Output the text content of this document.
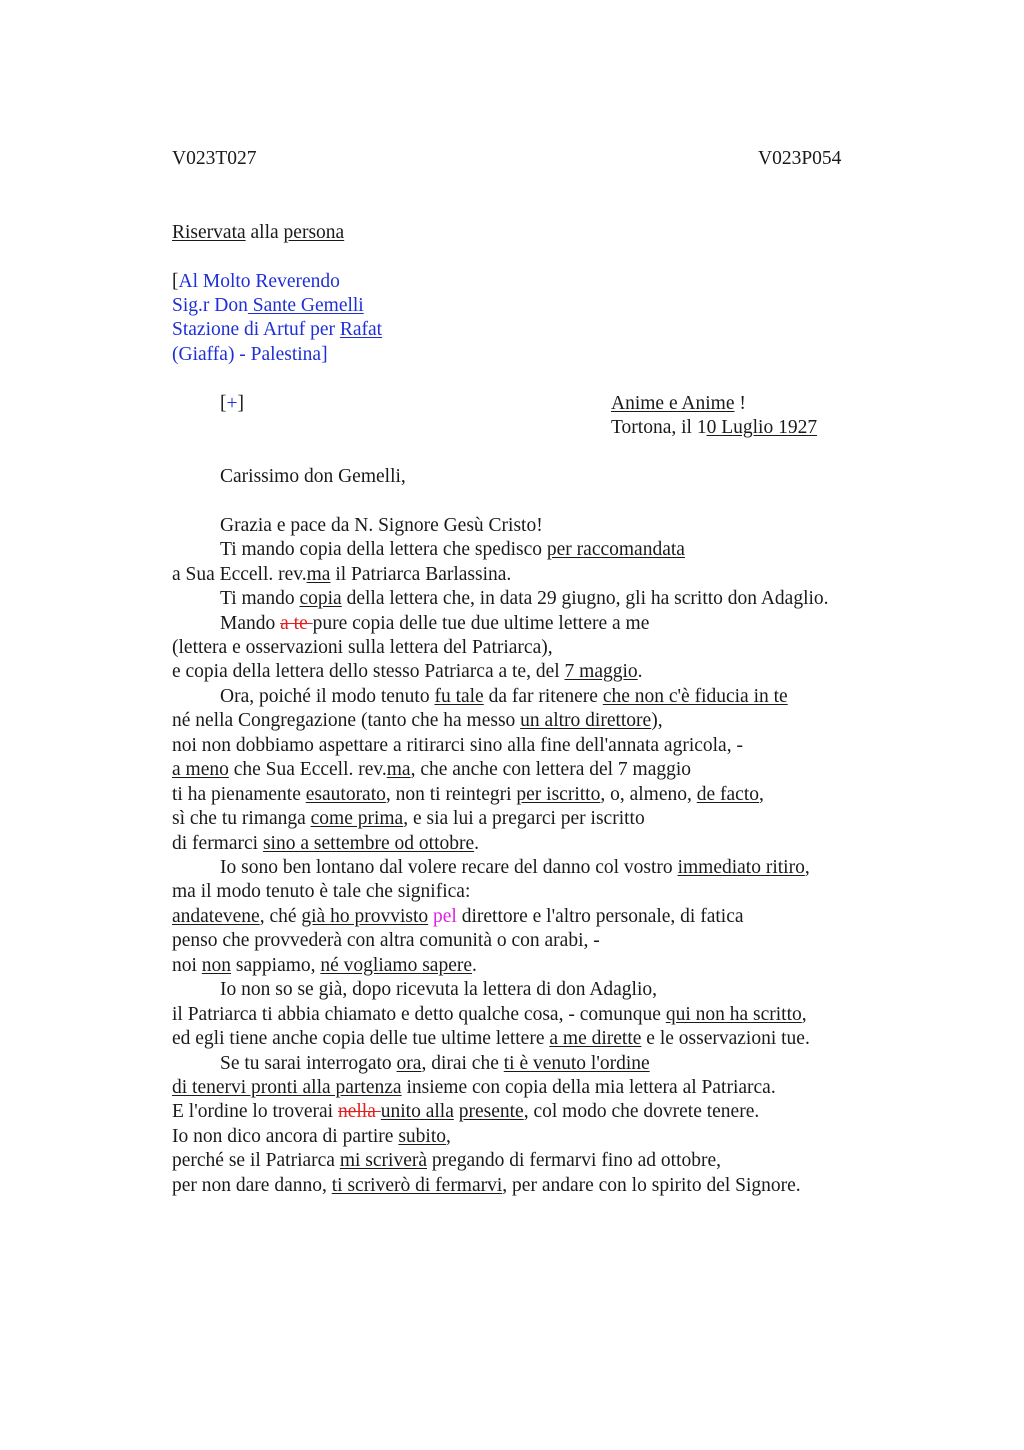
V023T027	V023P054
Riservata alla persona
[Al Molto Reverendo
Sig.r Don Sante Gemelli
Stazione di Artuf per Rafat
(Giaffa) - Palestina]
[+]	Anime e Anime !
Tortona, il 10 Luglio 1927
Carissimo don Gemelli,
Grazia e pace da N. Signore Gesù Cristo!
Ti mando copia della lettera che spedisco per raccomandata
a Sua Eccell. rev.ma il Patriarca Barlassina.
Ti mando copia della lettera che, in data 29 giugno, gli ha scritto don Adaglio.
Mando a te pure copia delle tue due ultime lettere a me
(lettera e osservazioni sulla lettera del Patriarca),
e copia della lettera dello stesso Patriarca a te, del 7 maggio.
Ora, poiché il modo tenuto fu tale da far ritenere che non c'è fiducia in te
né nella Congregazione (tanto che ha messo un altro direttore),
noi non dobbiamo aspettare a ritirarci sino alla fine dell'annata agricola, -
a meno che Sua Eccell. rev.ma, che anche con lettera del 7 maggio
ti ha pienamente esautorato, non ti reintegri per iscritto, o, almeno, de facto,
sì che tu rimanga come prima, e sia lui a pregarci per iscritto
di fermarci sino a settembre od ottobre.
Io sono ben lontano dal volere recare del danno col vostro immediato ritiro,
ma il modo tenuto è tale che significa:
andatevene, ché già ho provvisto pel direttore e l'altro personale, di fatica
penso che provvederà con altra comunità o con arabi, -
noi non sappiamo, né vogliamo sapere.
Io non so se già, dopo ricevuta la lettera di don Adaglio,
il Patriarca ti abbia chiamato e detto qualche cosa, - comunque qui non ha scritto,
ed egli tiene anche copia delle tue ultime lettere a me dirette e le osservazioni tue.
Se tu sarai interrogato ora, dirai che ti è venuto l'ordine
di tenervi pronti alla partenza insieme con copia della mia lettera al Patriarca.
E l'ordine lo troverai nella unito alla presente, col modo che dovrete tenere.
Io non dico ancora di partire subito,
perché se il Patriarca mi scriverà pregando di fermarvi fino ad ottobre,
per non dare danno, ti scriverò di fermarvi, per andare con lo spirito del Signore.
